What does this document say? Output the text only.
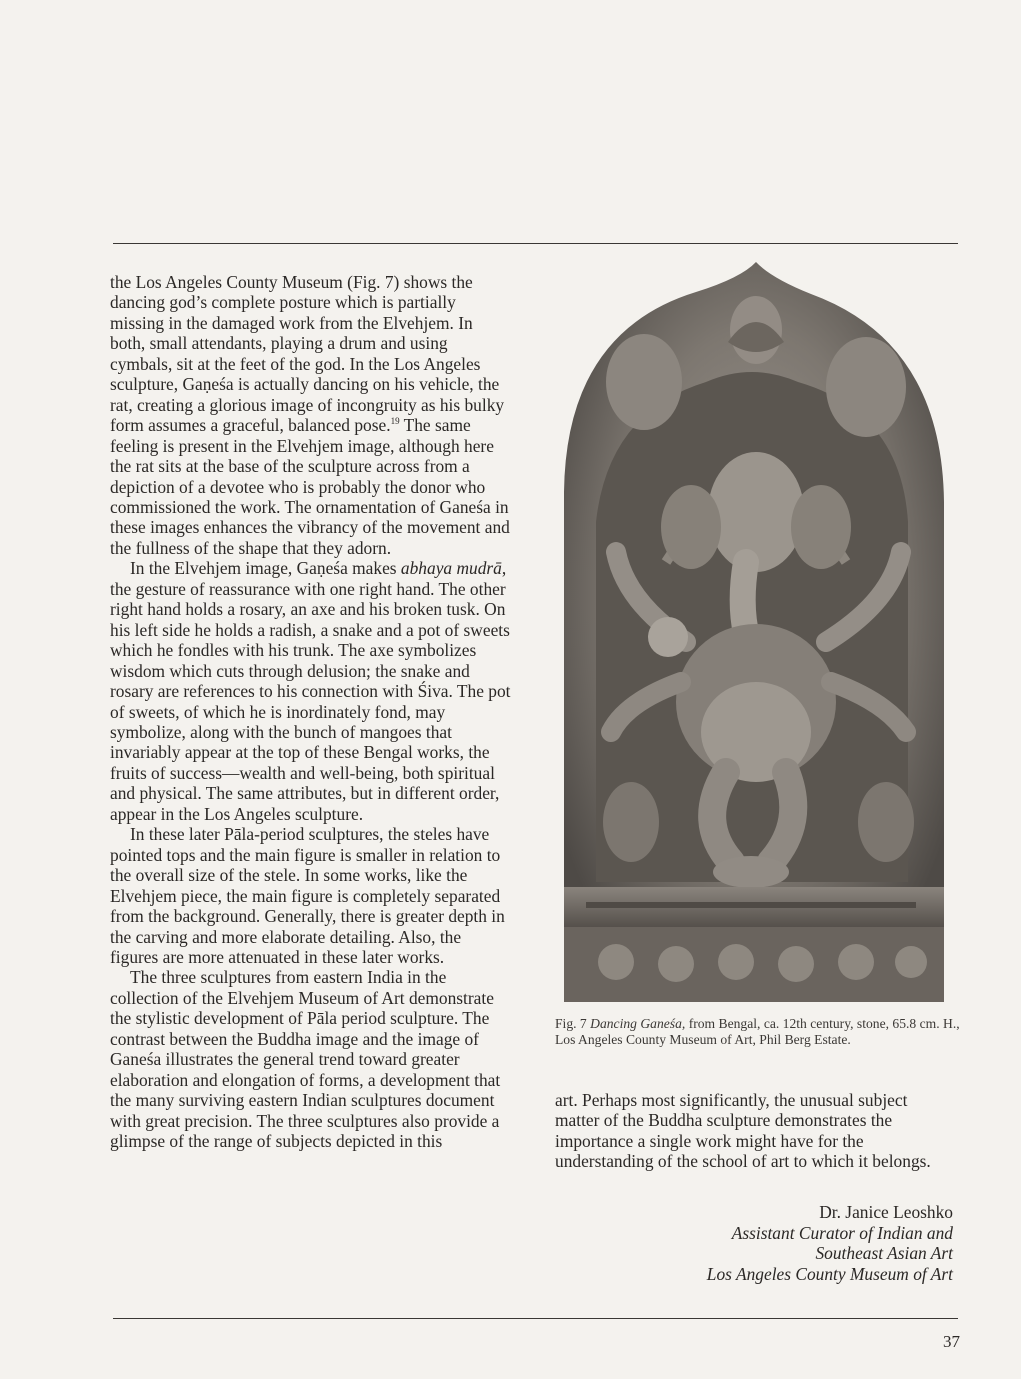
the Los Angeles County Museum (Fig. 7) shows the dancing god’s complete posture which is partially missing in the damaged work from the Elvehjem. In both, small attendants, playing a drum and using cymbals, sit at the feet of the god. In the Los Angeles sculpture, Gaṇeśa is actually dancing on his vehicle, the rat, creating a glorious image of incongruity as his bulky form assumes a graceful, balanced pose.$^{19}$ The same feeling is present in the Elvehjem image, although here the rat sits at the base of the sculpture across from a depiction of a devotee who is probably the donor who commissioned the work. The ornamentation of Ganeśa in these images enhances the vibrancy of the movement and the fullness of the shape that they adorn.

In the Elvehjem image, Gaṇeśa makes abhaya mudrā, the gesture of reassurance with one right hand. The other right hand holds a rosary, an axe and his broken tusk. On his left side he holds a radish, a snake and a pot of sweets which he fondles with his trunk. The axe symbolizes wisdom which cuts through delusion; the snake and rosary are references to his connection with Śiva. The pot of sweets, of which he is inordinately fond, may symbolize, along with the bunch of mangoes that invariably appear at the top of these Bengal works, the fruits of success—wealth and well-being, both spiritual and physical. The same attributes, but in different order, appear in the Los Angeles sculpture.

In these later Pāla-period sculptures, the steles have pointed tops and the main figure is smaller in relation to the overall size of the stele. In some works, like the Elvehjem piece, the main figure is completely separated from the background. Generally, there is greater depth in the carving and more elaborate detailing. Also, the figures are more attenuated in these later works.

The three sculptures from eastern India in the collection of the Elvehjem Museum of Art demonstrate the stylistic development of Pāla period sculpture. The contrast between the Buddha image and the image of Ganeśa illustrates the general trend toward greater elaboration and elongation of forms, a development that the many surviving eastern Indian sculptures document with great precision. The three sculptures also provide a glimpse of the range of subjects depicted in this

Fig. 7 Dancing Ganeśa, from Bengal, ca. 12th century, stone, 65.8 cm. H., Los Angeles County Museum of Art, Phil Berg Estate.

art. Perhaps most significantly, the unusual subject matter of the Buddha sculpture demonstrates the importance a single work might have for the understanding of the school of art to which it belongs.

Dr. Janice Leoshko
Assistant Curator of Indian and
Southeast Asian Art
Los Angeles County Museum of Art
37
